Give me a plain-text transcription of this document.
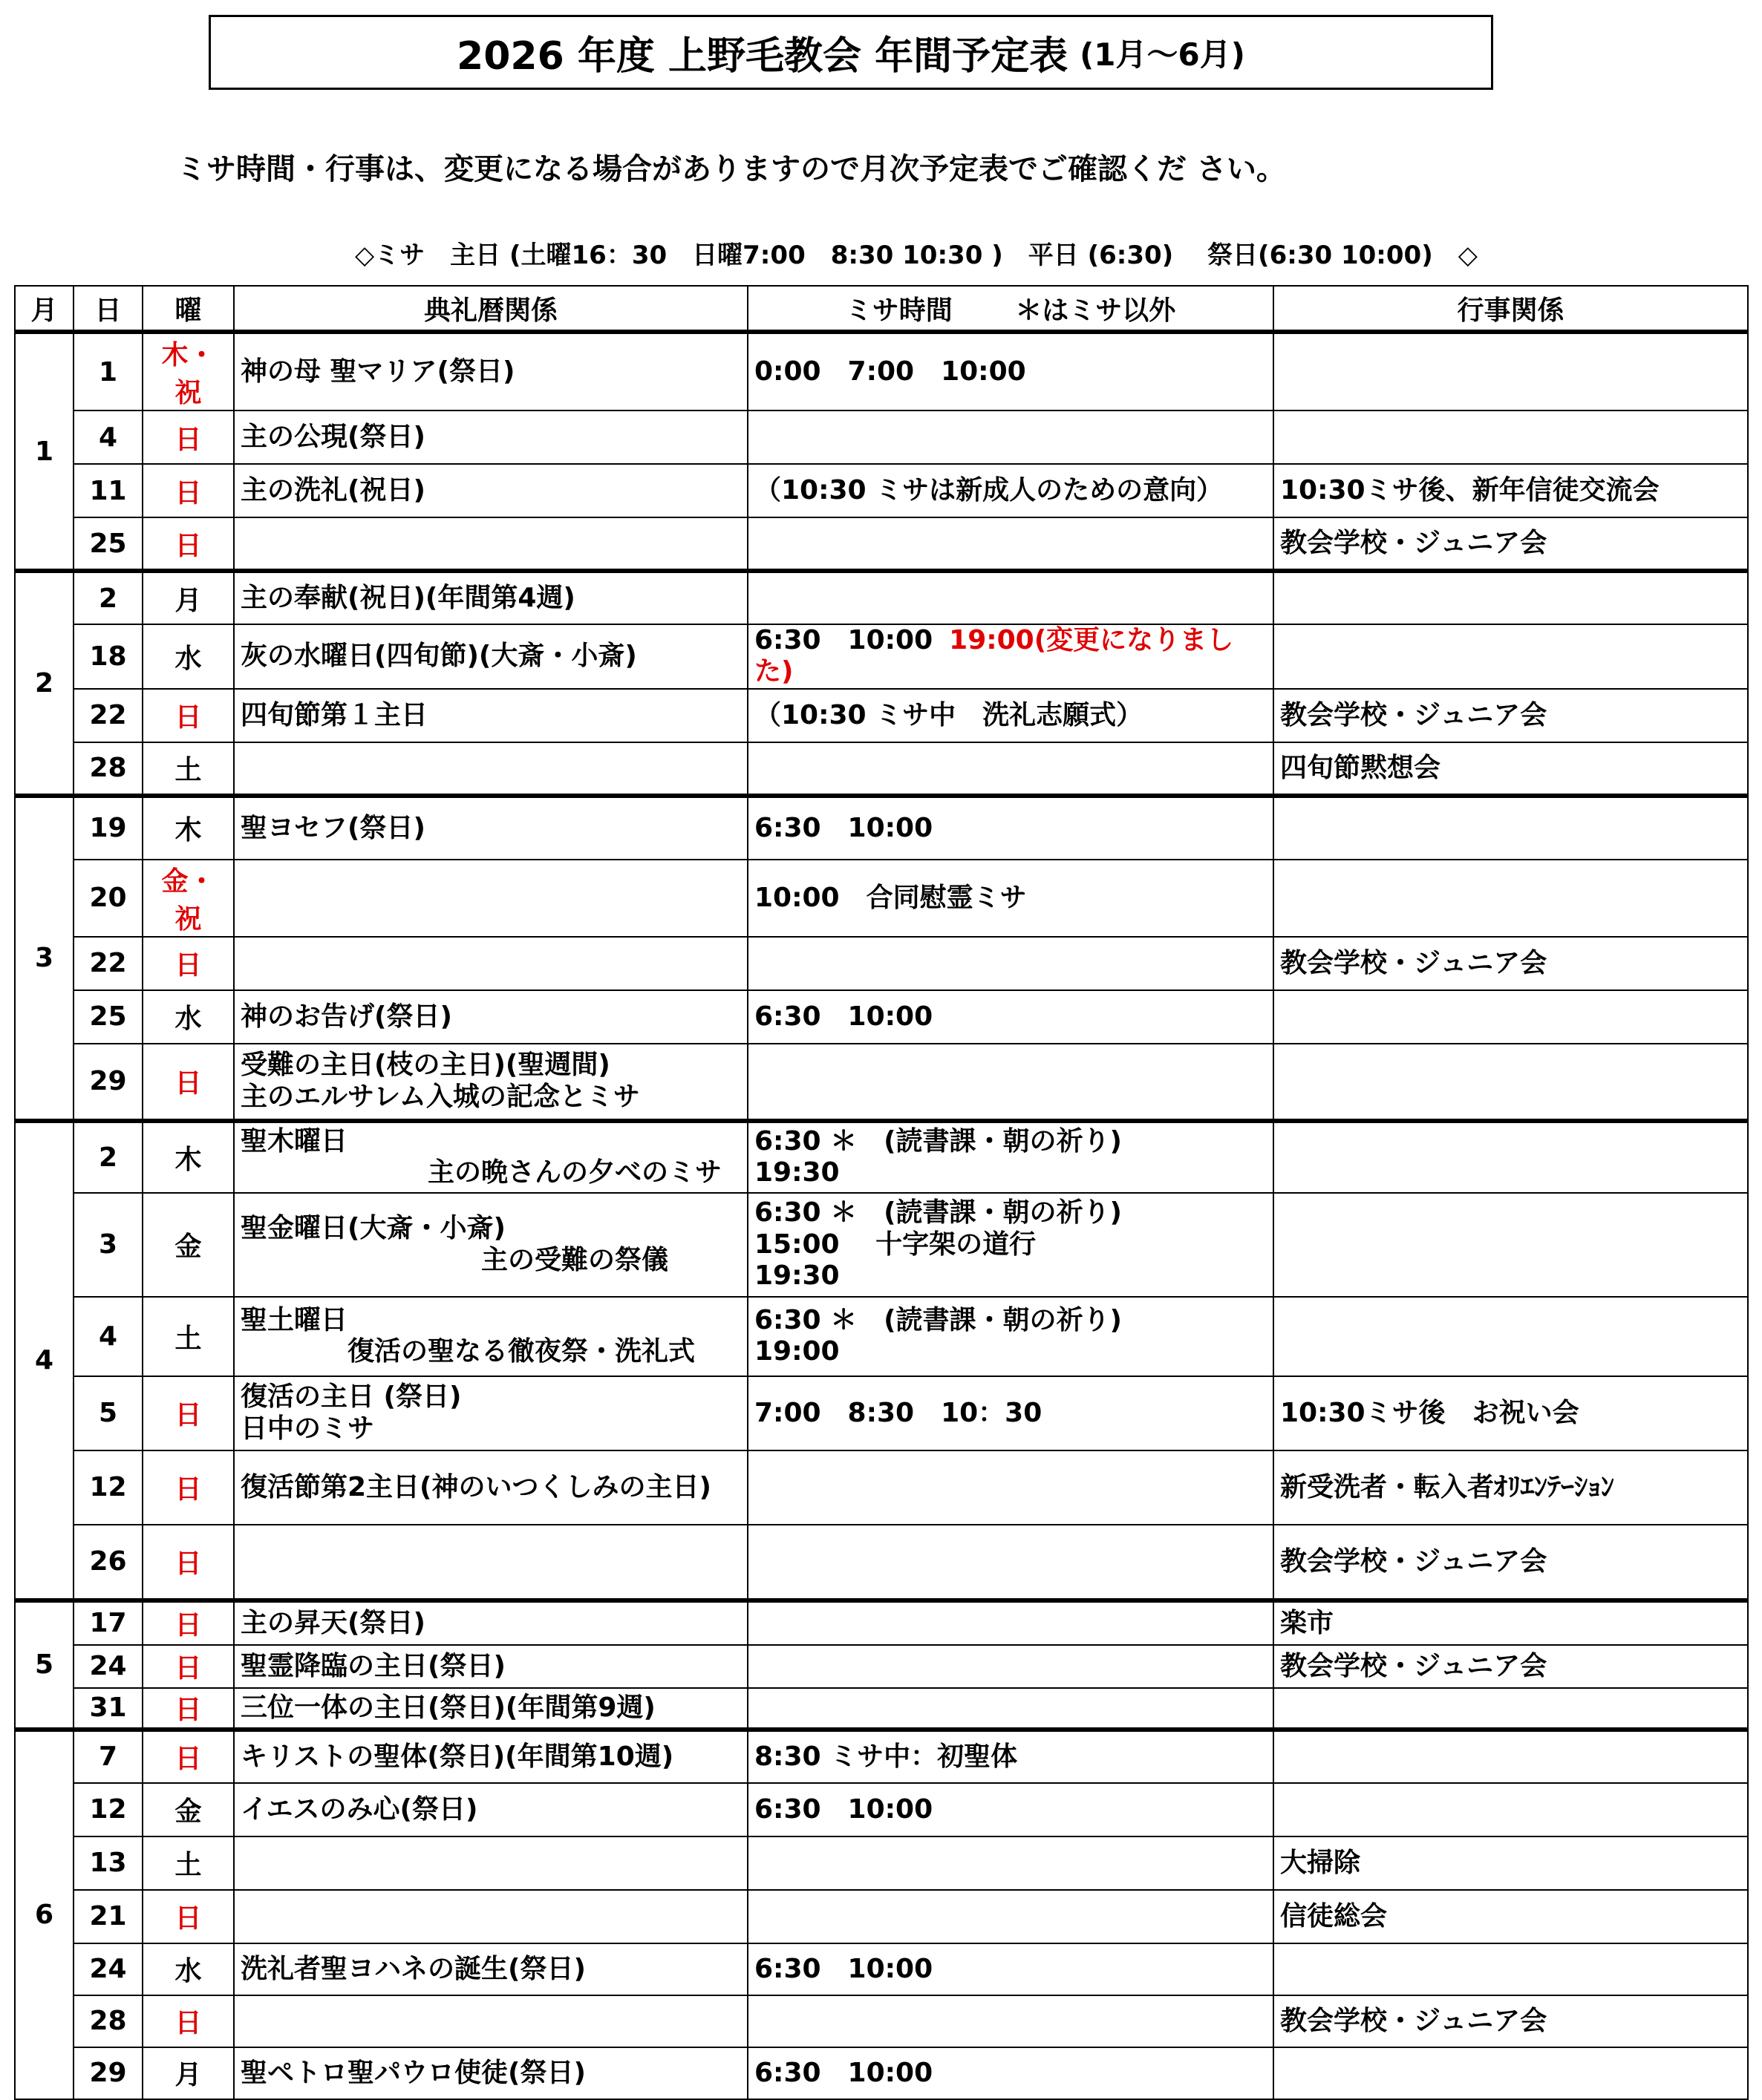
2026 年度 上野毛教会 年間予定表 (1月～6月)
ミサ時間・行事は、変更になる場合がありますので月次予定表でご確認くだ さい。
◇ミサ　主日 (土曜16：30　日曜7:00　8:30 10:30 )　平日 (6:30)　 祭日(6:30 10:00)　◇
月	日	曜	典礼暦関係	ミサ時間　　 ＊はミサ以外	行事関係
1	1	木・祝	神の母 聖マリア(祭日)	0:00　7:00　10:00	
	4	日	主の公現(祭日)		
	11	日	主の洗礼(祝日)	（10:30 ミサは新成人のための意向）	10:30ミサ後、新年信徒交流会
	25	日			教会学校・ジュニア会
2	2	月	主の奉献(祝日)(年間第4週)		
	18	水	灰の水曜日(四旬節)(大斎・小斎)	6:30　10:00 19:00(変更になりました)	
	22	日	四旬節第１主日	（10:30 ミサ中　洗礼志願式）	教会学校・ジュニア会
	28	土			四旬節黙想会
3	19	木	聖ヨセフ(祭日)	6:30　10:00	
	20	金・祝		10:00　合同慰霊ミサ	
	22	日			教会学校・ジュニア会
	25	水	神のお告げ(祭日)	6:30　10:00	
	29	日	受難の主日(枝の主日)(聖週間)
主のエルサレム入城の記念とミサ		
4	2	木	聖木曜日
　　　　　　　主の晩さんの夕べのミサ	6:30 ＊　(読書課・朝の祈り)
19:30	
	3	金	聖金曜日(大斎・小斎)
　　　　　　　　　主の受難の祭儀	6:30 ＊　(読書課・朝の祈り)
15:00　 十字架の道行
19:30	
	4	土	聖土曜日
　　　　復活の聖なる徹夜祭・洗礼式	6:30 ＊　(読書課・朝の祈り)
19:00	
	5	日	復活の主日 (祭日)
日中のミサ	7:00　8:30　10：30	10:30ミサ後　お祝い会
	12	日	復活節第2主日(神のいつくしみの主日)		新受洗者・転入者ｵﾘｴﾝﾃｰｼｮﾝ
	26	日			教会学校・ジュニア会
5	17	日	主の昇天(祭日)		楽市
	24	日	聖霊降臨の主日(祭日)		教会学校・ジュニア会
	31	日	三位一体の主日(祭日)(年間第9週)		
6	7	日	キリストの聖体(祭日)(年間第10週)	8:30 ミサ中：初聖体	
	12	金	イエスのみ心(祭日)	6:30　10:00	
	13	土			大掃除
	21	日			信徒総会
	24	水	洗礼者聖ヨハネの誕生(祭日)	6:30　10:00	
	28	日			教会学校・ジュニア会
	29	月	聖ペトロ聖パウロ使徒(祭日)	6:30　10:00	
